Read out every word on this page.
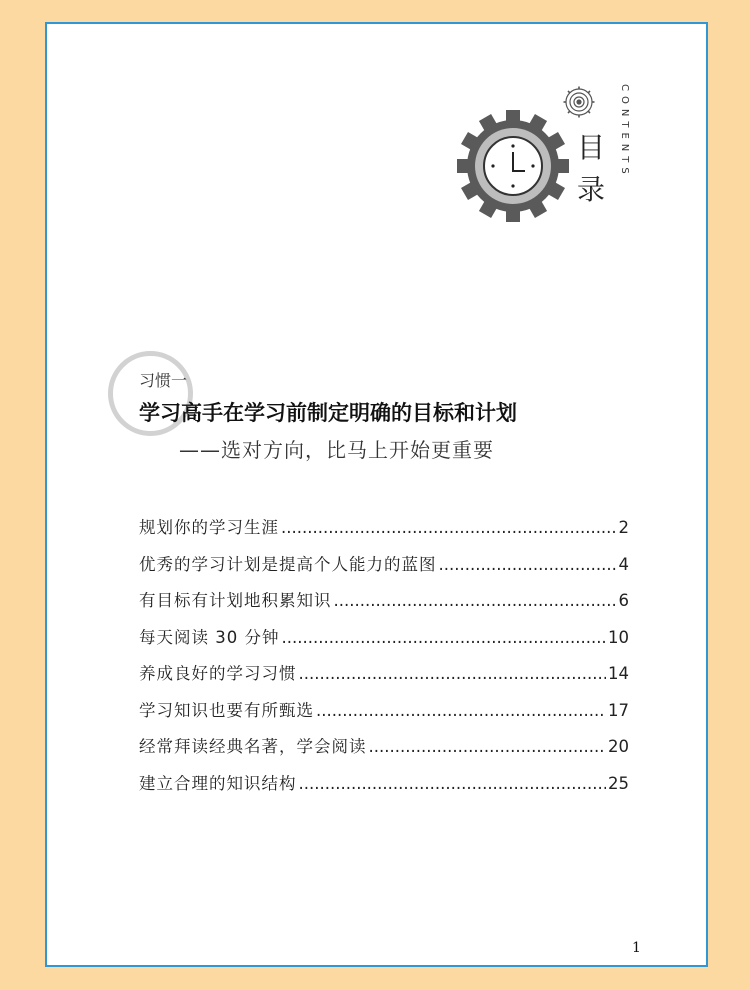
目
录
CONTENTS
习惯一
学习高手在学习前制定明确的目标和计划
——选对方向，比马上开始更重要
规划你的学习生涯 .....	2
优秀的学习计划是提高个人能力的蓝图 .....	4
有目标有计划地积累知识 .....	6
每天阅读 30 分钟 .....	10
养成良好的学习习惯 .....	14
学习知识也要有所甄选 .....	17
经常拜读经典名著，学会阅读 .....	20
建立合理的知识结构 .....	25
1
